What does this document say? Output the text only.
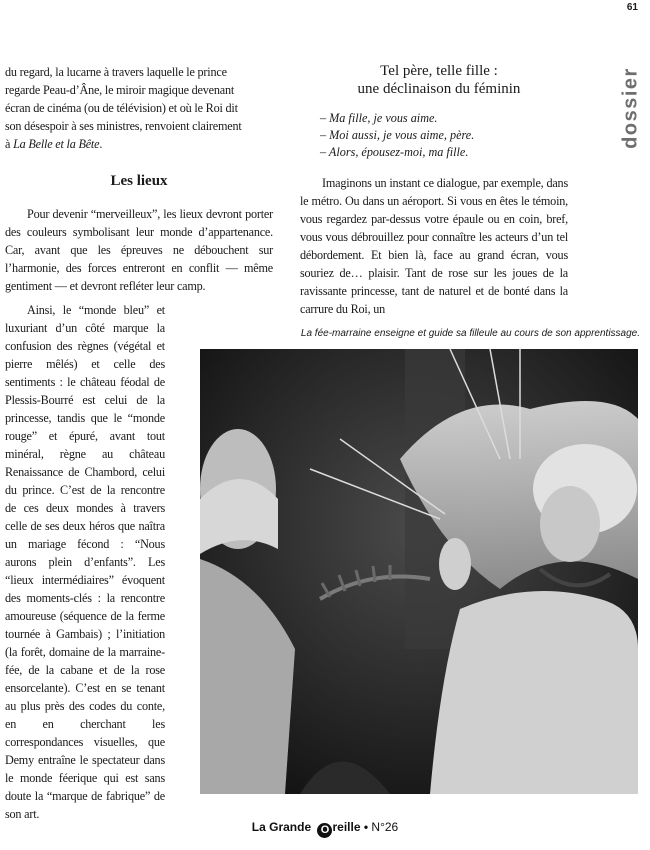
61
dossier

du regard, la lucarne à travers laquelle le prince

regarde Peau-d’Âne, le miroir magique devenant

écran de cinéma (ou de télévision) et où le Roi dit

son désespoir à ses ministres, renvoient clairement

à La Belle et la Bête.

Les lieux

Pour devenir “merveilleux”, les lieux devront porter des couleurs symbolisant leur monde d’appartenance. Car, avant que les épreuves ne débouchent sur l’harmonie, des forces entreront en conflit — même gentiment — et devront refléter leur camp.

Ainsi, le “monde bleu” et luxuriant d’un côté marque la confusion des règnes (végétal et pierre mêlés) et celle des sentiments : le château féodal de Plessis-Bourré est celui de la princesse, tandis que le “monde rouge” et épuré, avant tout minéral, règne au château Renaissance de Chambord, celui du prince. C’est de la rencontre de ces deux mondes à travers celle de ses deux héros que naîtra un mariage fécond : “Nous aurons plein d’enfants”. Les “lieux intermédiaires” évoquent des moments-clés : la rencontre amoureuse (séquence de la ferme tournée à Gambais) ; l’initiation (la forêt, domaine de la marraine-fée, de la cabane et de la rose ensorcelante). C’est en se tenant au plus près des codes du conte, en en cherchant les correspondances visuelles, que Demy entraîne le spectateur dans le monde féerique qui est sans doute la “marque de fabrique” de son art.

Tel père, telle fille :
une déclinaison du féminin

– Ma fille, je vous aime.

– Moi aussi, je vous aime, père.

– Alors, épousez-moi, ma fille.

Imaginons un instant ce dialogue, par exemple, dans le métro. Ou dans un aéroport. Si vous en êtes le témoin, vous regardez par-dessus votre épaule ou en coin, bref, vous vous débrouillez pour connaître les acteurs d’un tel débordement. Et bien là, face au grand écran, vous souriez de… plaisir. Tant de rose sur les joues de la ravissante princesse, tant de naturel et de bonté dans la carrure du Roi, un

La fée-marraine enseigne et guide sa filleule au cours de son apprentissage.
La Grande O reille • N°26
